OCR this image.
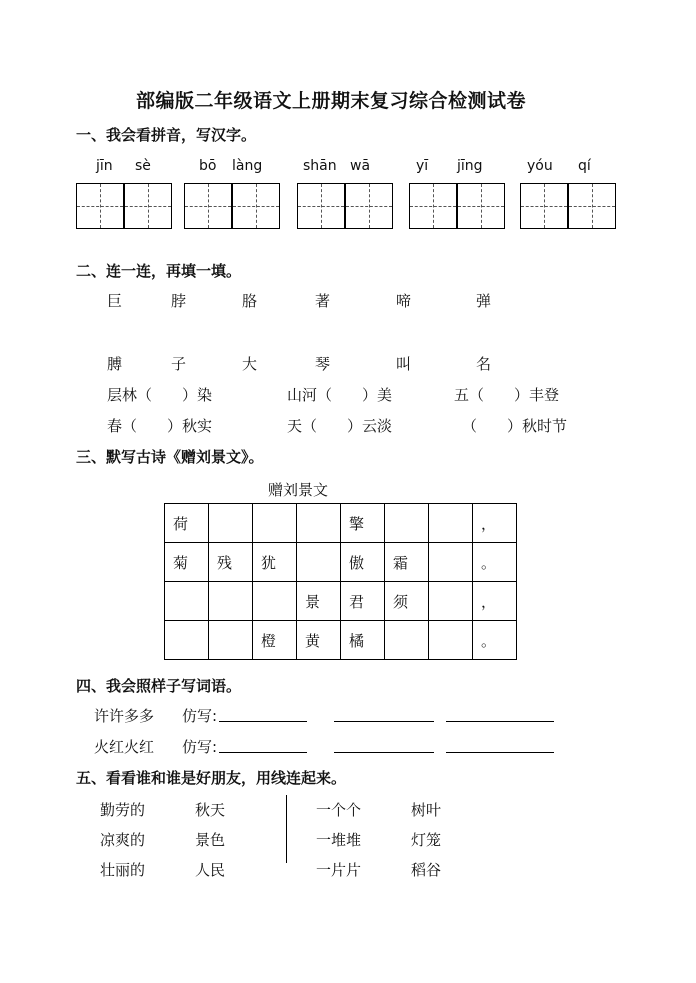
部编版二年级语文上册期末复习综合检测试卷
一、我会看拼音，写汉字。
jīn sè	bō làng	shān wā	yī jīng	yóu qí
二、连一连，再填一填。
巨	脖	胳	著	啼	弹
膊	子	大	琴	叫	名
层林（　　）染	山河（　　）美	五（　　）丰登
春（　　）秋实	天（　　）云淡	（　　）秋时节
三、默写古诗《赠刘景文》。
赠刘景文
荷				擎			，
菊	残	犹		傲	霜		。
			景	君	须		，
		橙	黄	橘			。
四、我会照样子写词语。
许许多多 仿写:
火红火红 仿写:
五、看看谁和谁是好朋友，用线连起来。
勤劳的
凉爽的
壮丽的
秋天
景色
人民
一个个
一堆堆
一片片
树叶
灯笼
稻谷
